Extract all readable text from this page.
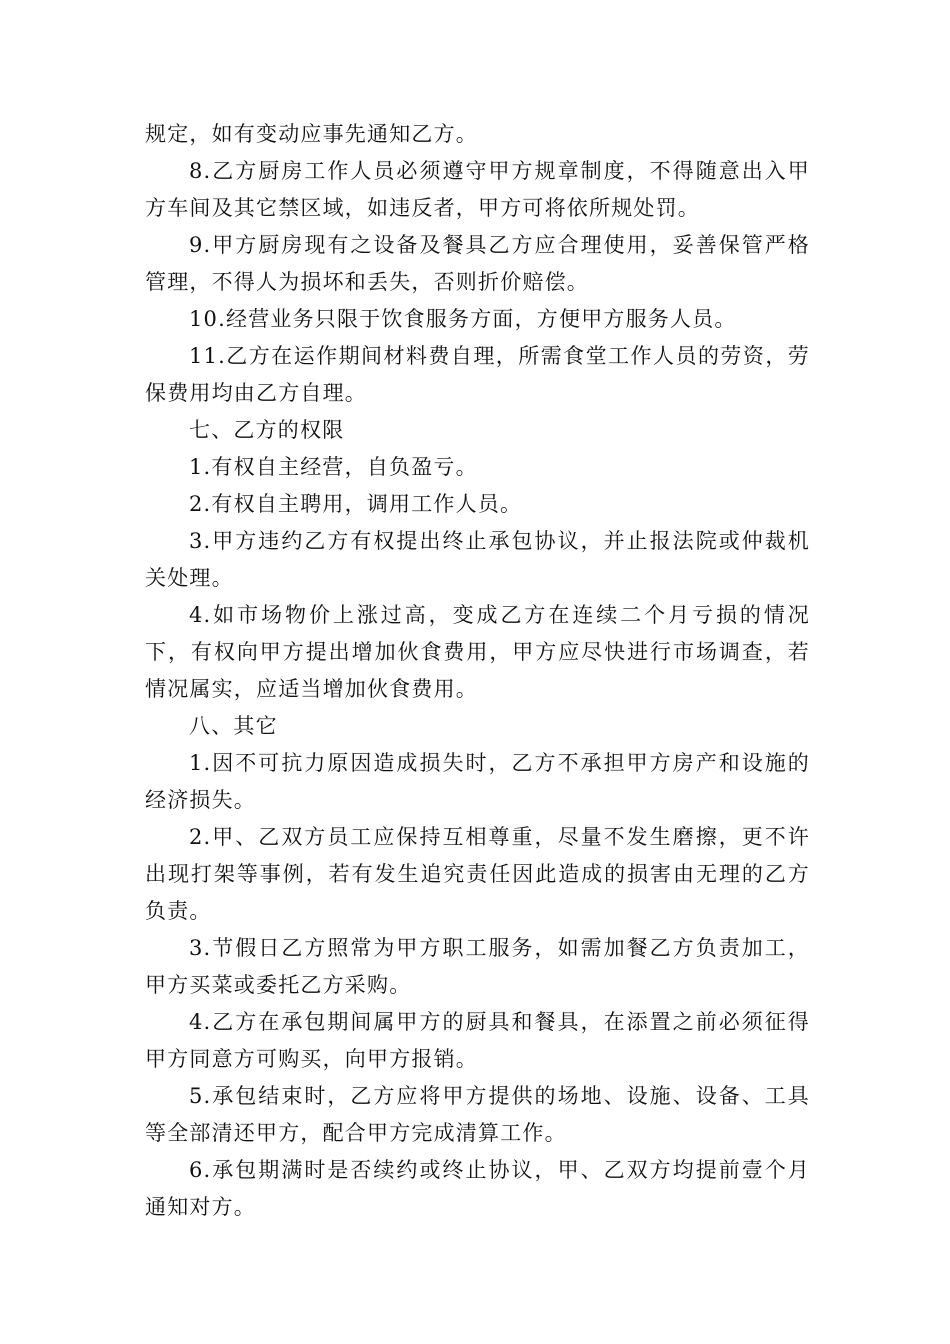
规定，如有变动应事先通知乙方。

8.乙方厨房工作人员必须遵守甲方规章制度，不得随意出入甲方车间及其它禁区域，如违反者，甲方可将依所规处罚。

9.甲方厨房现有之设备及餐具乙方应合理使用，妥善保管严格管理，不得人为损坏和丢失，否则折价赔偿。

10.经营业务只限于饮食服务方面，方便甲方服务人员。

11.乙方在运作期间材料费自理，所需食堂工作人员的劳资，劳保费用均由乙方自理。

七、乙方的权限

1.有权自主经营，自负盈亏。

2.有权自主聘用，调用工作人员。

3.甲方违约乙方有权提出终止承包协议，并止报法院或仲裁机关处理。

4.如市场物价上涨过高，变成乙方在连续二个月亏损的情况下，有权向甲方提出增加伙食费用，甲方应尽快进行市场调查，若情况属实，应适当增加伙食费用。

八、其它

1.因不可抗力原因造成损失时，乙方不承担甲方房产和设施的经济损失。

2.甲、乙双方员工应保持互相尊重，尽量不发生磨擦，更不许出现打架等事例，若有发生追究责任因此造成的损害由无理的乙方负责。

3.节假日乙方照常为甲方职工服务，如需加餐乙方负责加工，甲方买菜或委托乙方采购。

4.乙方在承包期间属甲方的厨具和餐具，在添置之前必须征得甲方同意方可购买，向甲方报销。

5.承包结束时，乙方应将甲方提供的场地、设施、设备、工具等全部清还甲方，配合甲方完成清算工作。

6.承包期满时是否续约或终止协议，甲、乙双方均提前壹个月通知对方。
